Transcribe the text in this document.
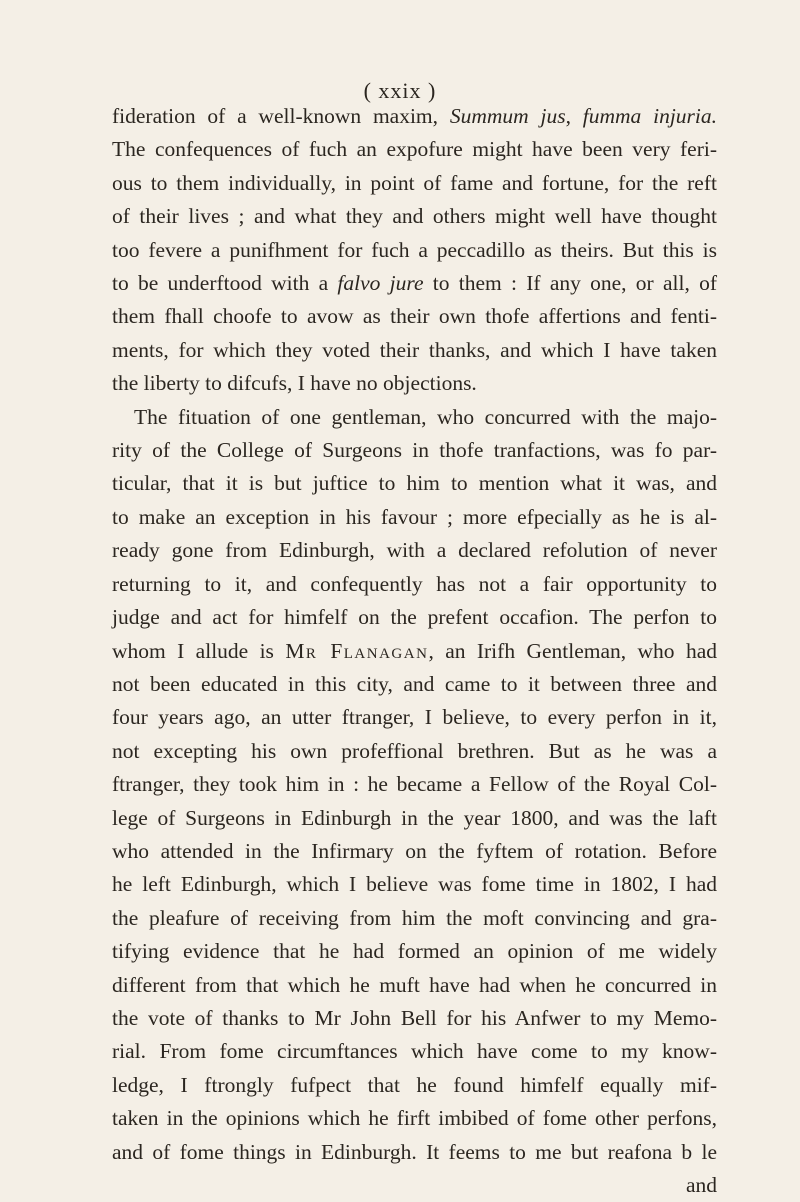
( xxix )
fideration of a well-known maxim, Summum jus, fumma injuria.
The confequences of fuch an expofure might have been very feri-
ous to them individually, in point of fame and fortune, for the reft
of their lives ; and what they and others might well have thought
too fevere a punifhment for fuch a peccadillo as theirs. But this is
to be underftood with a falvo jure to them : If any one, or all, of
them fhall choofe to avow as their own thofe affertions and fenti-
ments, for which they voted their thanks, and which I have taken
the liberty to difcufs, I have no objections.
The fituation of one gentleman, who concurred with the majo-
rity of the College of Surgeons in thofe tranfactions, was fo par-
ticular, that it is but juftice to him to mention what it was, and
to make an exception in his favour ; more efpecially as he is al-
ready gone from Edinburgh, with a declared refolution of never
returning to it, and confequently has not a fair opportunity to
judge and act for himfelf on the prefent occafion. The perfon to
whom I allude is Mr Flanagan, an Irifh Gentleman, who had
not been educated in this city, and came to it between three and
four years ago, an utter ftranger, I believe, to every perfon in it,
not excepting his own profeffional brethren. But as he was a
ftranger, they took him in : he became a Fellow of the Royal Col-
lege of Surgeons in Edinburgh in the year 1800, and was the laft
who attended in the Infirmary on the fyftem of rotation. Before
he left Edinburgh, which I believe was fome time in 1802, I had
the pleafure of receiving from him the moft convincing and gra-
tifying evidence that he had formed an opinion of me widely
different from that which he muft have had when he concurred in
the vote of thanks to Mr John Bell for his Anfwer to my Memo-
rial. From fome circumftances which have come to my know-
ledge, I ftrongly fufpect that he found himfelf equally mif-
taken in the opinions which he firft imbibed of fome other perfons,
and of fome things in Edinburgh. It feems to me but reafona b le
and
